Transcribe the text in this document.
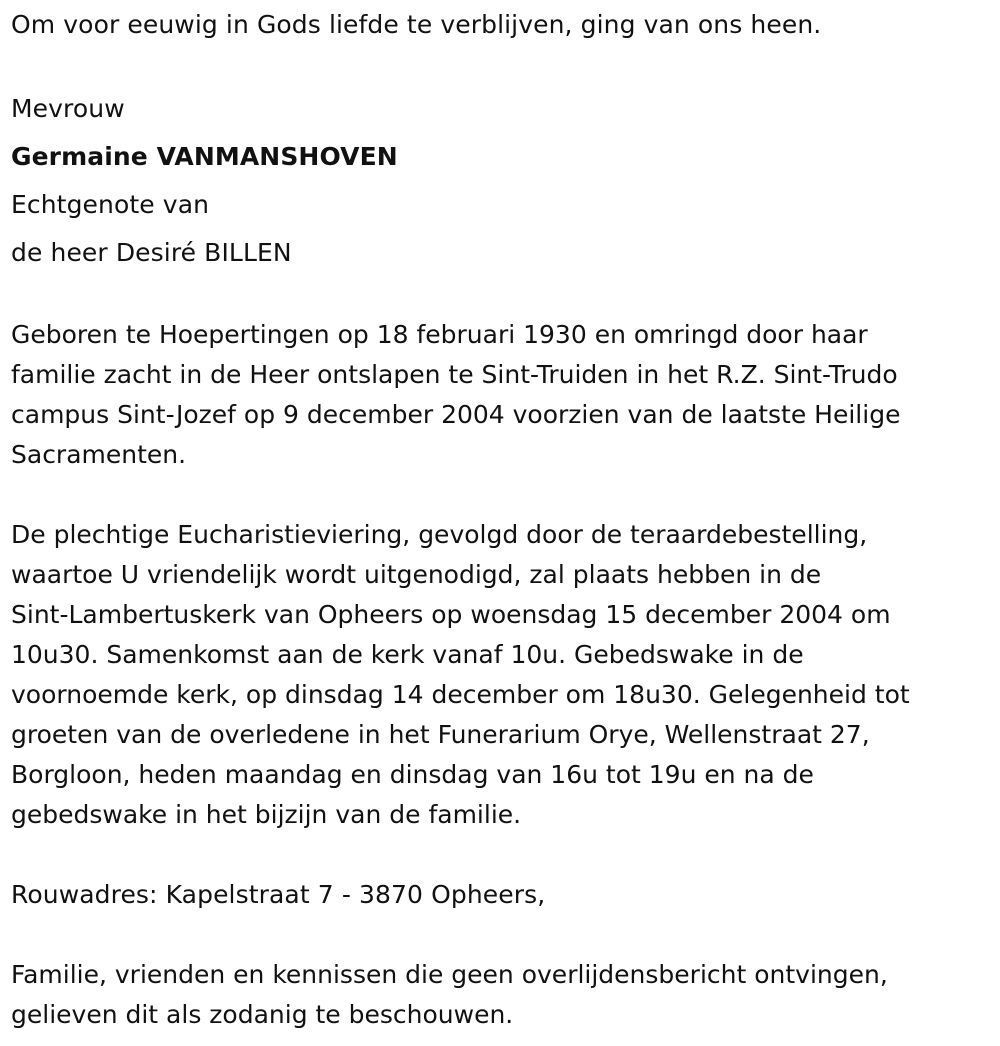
Om voor eeuwig in Gods liefde te verblijven, ging van ons heen.

Mevrouw

Germaine VANMANSHOVEN

Echtgenote van

de heer Desiré BILLEN

Geboren te Hoepertingen op 18 februari 1930 en omringd door haar
familie zacht in de Heer ontslapen te Sint-Truiden in het R.Z. Sint-Trudo
campus Sint-Jozef op 9 december 2004 voorzien van de laatste Heilige
Sacramenten.
De plechtige Eucharistieviering, gevolgd door de teraardebestelling,
waartoe U vriendelijk wordt uitgenodigd, zal plaats hebben in de
Sint-Lambertuskerk van Opheers op woensdag 15 december 2004 om
10u30. Samenkomst aan de kerk vanaf 10u. Gebedswake in de
voornoemde kerk, op dinsdag 14 december om 18u30. Gelegenheid tot
groeten van de overledene in het Funerarium Orye, Wellenstraat 27,
Borgloon, heden maandag en dinsdag van 16u tot 19u en na de
gebedswake in het bijzijn van de familie.

Rouwadres: Kapelstraat 7 - 3870 Opheers,

Familie, vrienden en kennissen die geen overlijdensbericht ontvingen,
gelieven dit als zodanig te beschouwen.
